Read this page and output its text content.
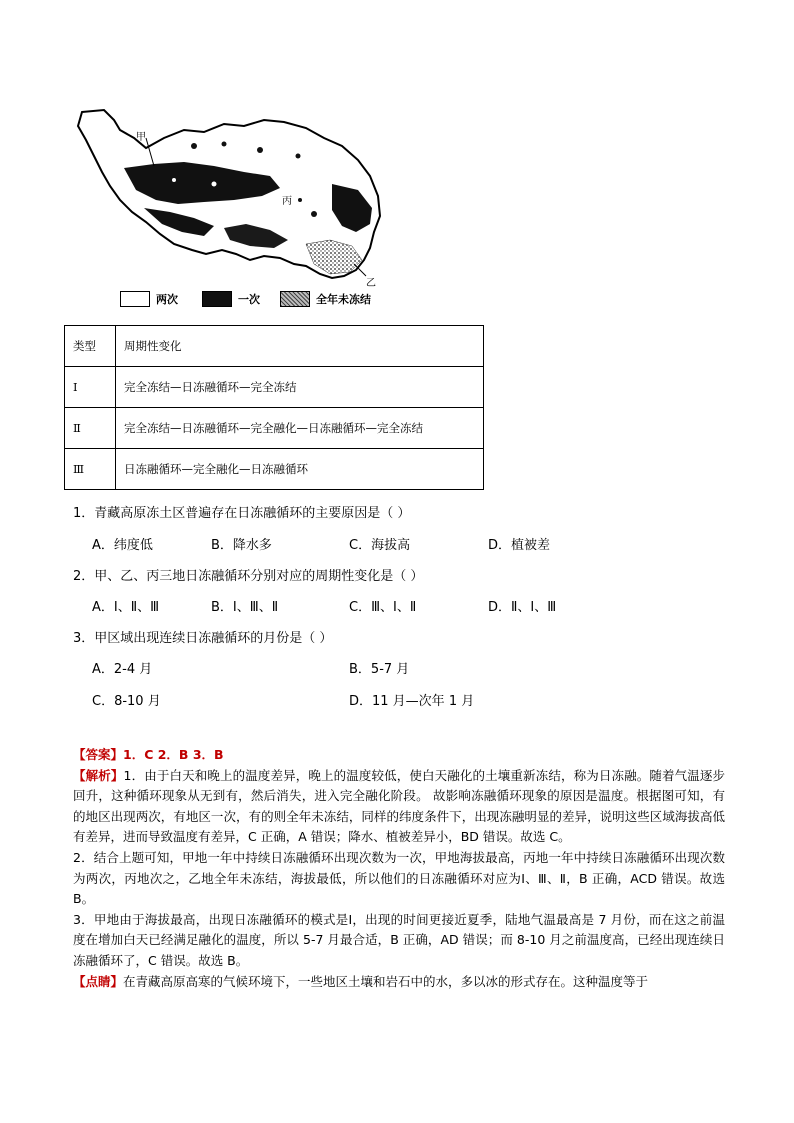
甲
丙
乙
两次	一次	全年未冻结
类型	周期性变化
Ⅰ	完全冻结—日冻融循环—完全冻结
Ⅱ	完全冻结—日冻融循环—完全融化—日冻融循环—完全冻结
Ⅲ	日冻融循环—完全融化—日冻融循环
1．青藏高原冻土区普遍存在日冻融循环的主要原因是（ ）
A．纬度低	B．降水多	C．海拔高	D．植被差
2．甲、乙、丙三地日冻融循环分别对应的周期性变化是（ ）
A．Ⅰ、Ⅱ、Ⅲ	B．Ⅰ、Ⅲ、Ⅱ	C．Ⅲ、Ⅰ、Ⅱ	D．Ⅱ、Ⅰ、Ⅲ
3．甲区域出现连续日冻融循环的月份是（ ）
A．2-4 月	B．5-7 月
C．8-10 月	D．11 月—次年 1 月

【答案】1．C 2．B 3．B

【解析】1．由于白天和晚上的温度差异，晚上的温度较低，使白天融化的土壤重新冻结，称为日冻融。随着气温逐步回升，这种循环现象从无到有，然后消失，进入完全融化阶段。 故影响冻融循环现象的原因是温度。根据图可知，有的地区出现两次，有地区一次，有的则全年未冻结，同样的纬度条件下，出现冻融明显的差异，说明这些区域海拔高低有差异，进而导致温度有差异，C 正确，A 错误；降水、植被差异小，BD 错误。故选 C。

2．结合上题可知，甲地一年中持续日冻融循环出现次数为一次，甲地海拔最高，丙地一年中持续日冻融循环出现次数为两次，丙地次之，乙地全年未冻结，海拔最低，所以他们的日冻融循环对应为Ⅰ、Ⅲ、Ⅱ，B 正确，ACD 错误。故选 B。

3．甲地由于海拔最高，出现日冻融循环的模式是Ⅰ，出现的时间更接近夏季，陆地气温最高是 7 月份，而在这之前温度在增加白天已经满足融化的温度，所以 5-7 月最合适，B 正确，AD 错误；而 8-10 月之前温度高，已经出现连续日冻融循环了，C 错误。故选 B。

【点睛】在青藏高原高寒的气候环境下，一些地区土壤和岩石中的水，多以冰的形式存在。这种温度等于
